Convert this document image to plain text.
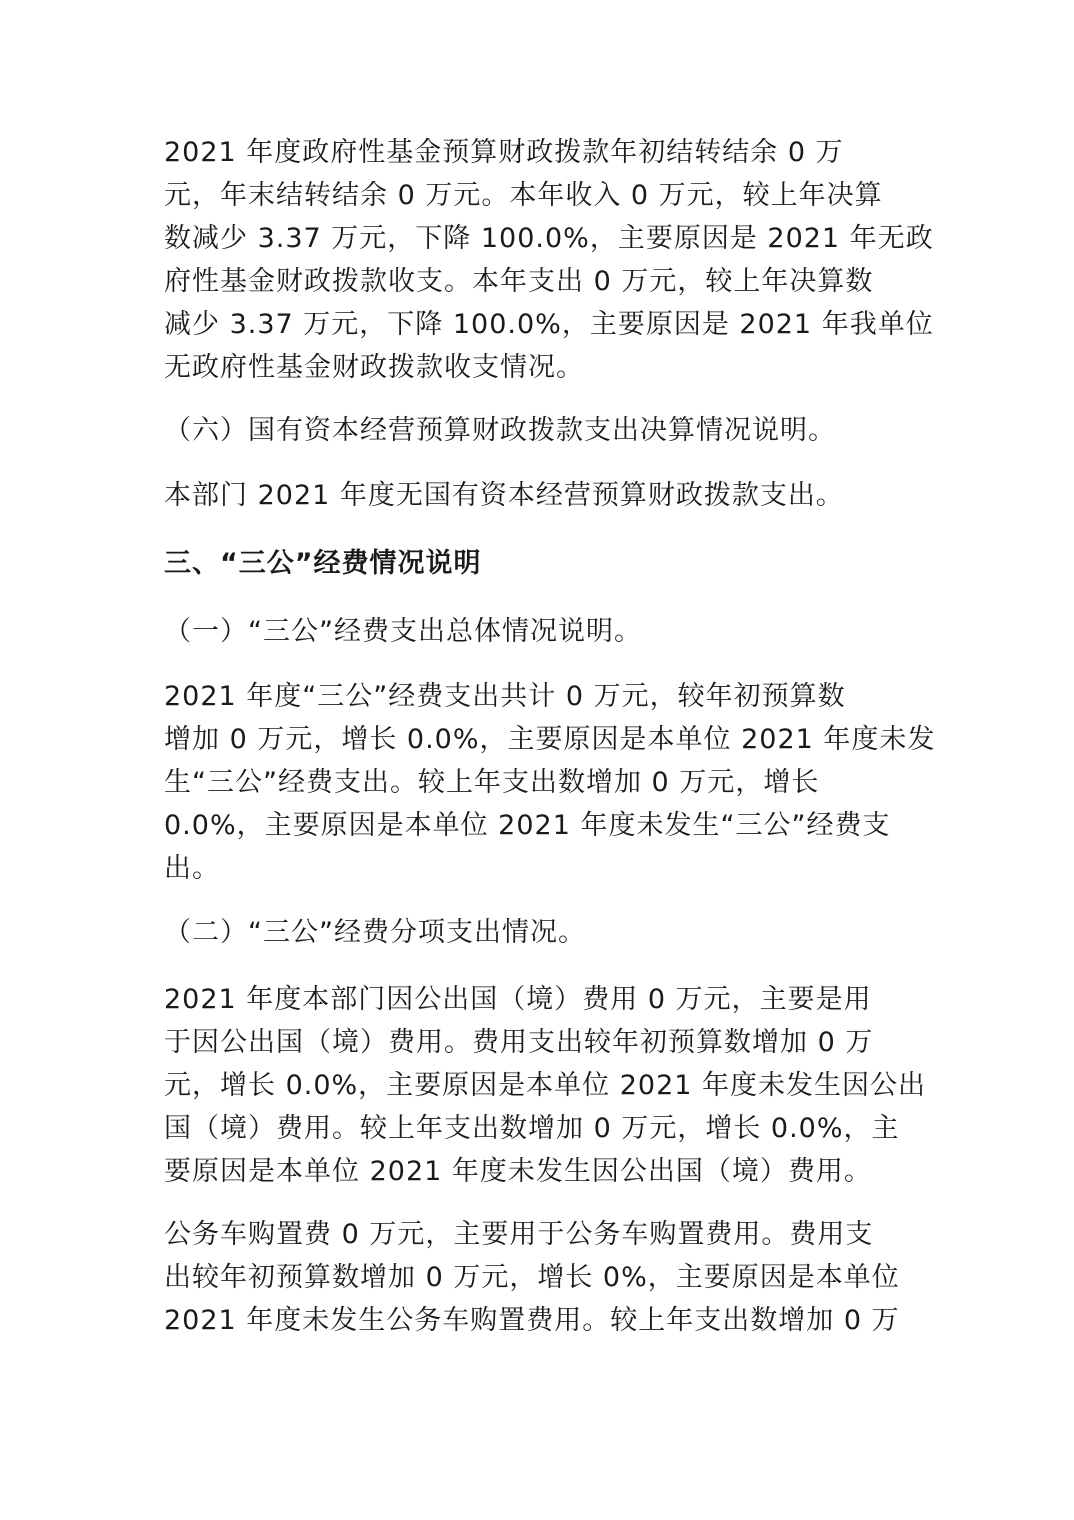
2021 年度政府性基金预算财政拨款年初结转结余 0 万
元，年末结转结余 0 万元。本年收入 0 万元，较上年决算
数减少 3.37 万元，下降 100.0%，主要原因是 2021 年无政
府性基金财政拨款收支。本年支出 0 万元，较上年决算数
减少 3.37 万元，下降 100.0%，主要原因是 2021 年我单位
无政府性基金财政拨款收支情况。
（六）国有资本经营预算财政拨款支出决算情况说明。
本部门 2021 年度无国有资本经营预算财政拨款支出。
三、“三公”经费情况说明
（一）“三公”经费支出总体情况说明。
2021 年度“三公”经费支出共计 0 万元，较年初预算数
增加 0 万元，增长 0.0%，主要原因是本单位 2021 年度未发
生“三公”经费支出。较上年支出数增加 0 万元，增长
0.0%，主要原因是本单位 2021 年度未发生“三公”经费支
出。
（二）“三公”经费分项支出情况。
2021 年度本部门因公出国（境）费用 0 万元，主要是用
于因公出国（境）费用。费用支出较年初预算数增加 0 万
元，增长 0.0%，主要原因是本单位 2021 年度未发生因公出
国（境）费用。较上年支出数增加 0 万元，增长 0.0%，主
要原因是本单位 2021 年度未发生因公出国（境）费用。
公务车购置费 0 万元，主要用于公务车购置费用。费用支
出较年初预算数增加 0 万元，增长 0%，主要原因是本单位
2021 年度未发生公务车购置费用。较上年支出数增加 0 万
